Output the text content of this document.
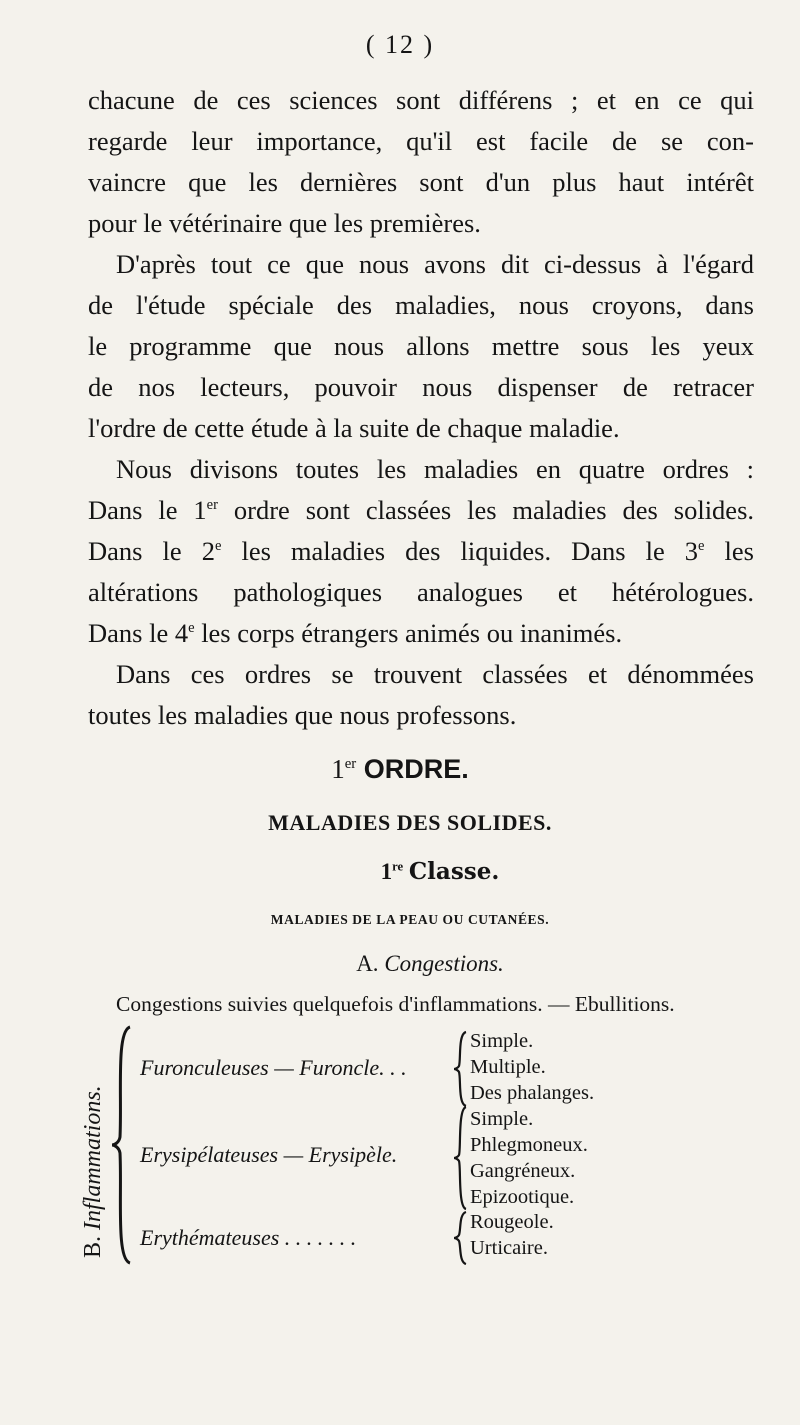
( 12 )
chacune de ces sciences sont différens ; et en ce qui
regarde leur importance, qu'il est facile de se con-
vaincre que les dernières sont d'un plus haut intérêt
pour le vétérinaire que les premières.
D'après tout ce que nous avons dit ci-dessus à l'égard
de l'étude spéciale des maladies, nous croyons, dans
le programme que nous allons mettre sous les yeux
de nos lecteurs, pouvoir nous dispenser de retracer
l'ordre de cette étude à la suite de chaque maladie.
Nous divisons toutes les maladies en quatre ordres :
Dans le 1er ordre sont classées les maladies des solides.
Dans le 2e les maladies des liquides. Dans le 3e les
altérations pathologiques analogues et hétérologues.
Dans le 4e les corps étrangers animés ou inanimés.
Dans ces ordres se trouvent classées et dénommées
toutes les maladies que nous professons.
1er ORDRE.
MALADIES DES SOLIDES.
1re Classe.
MALADIES DE LA PEAU OU CUTANÉES.
A. Congestions.
Congestions suivies quelquefois d'inflammations. — Ebullitions.
B. Inflammations.
Furonculeuses — Furoncle. . .
Erysipélateuses — Erysipèle.
Erythémateuses . . . . . . .
Simple.
Multiple.
Des phalanges.
Simple.
Phlegmoneux.
Gangréneux.
Epizootique.
Rougeole.
Urticaire.
